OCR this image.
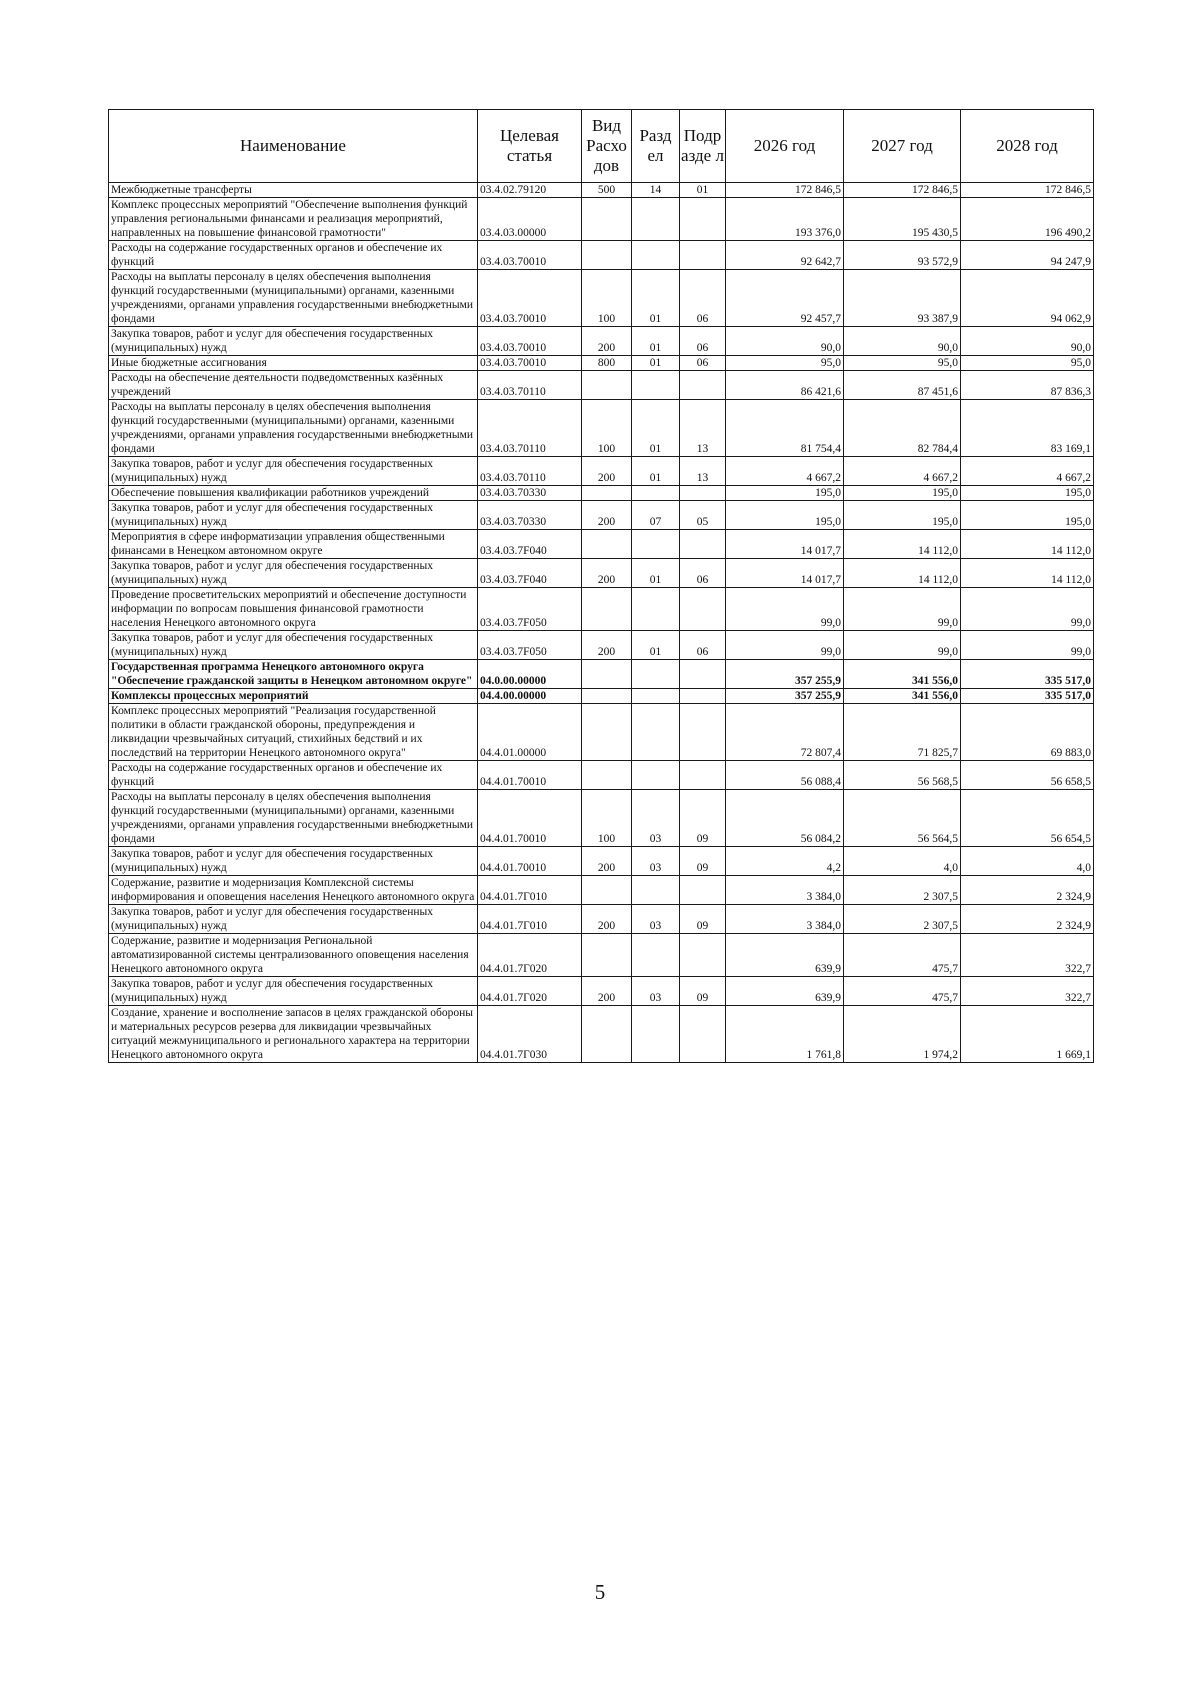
Наименование	Целевая статья	Вид Расхо дов	Разд ел	Подр азде л	2026 год	2027 год	2028 год
Межбюджетные трансферты	03.4.02.79120	500	14	01	172 846,5	172 846,5	172 846,5
Комплекс процессных мероприятий "Обеспечение выполнения функций управления региональными финансами и реализация мероприятий, направленных на повышение финансовой грамотности"	03.4.03.00000				193 376,0	195 430,5	196 490,2
Расходы на содержание государственных органов и обеспечение их функций	03.4.03.70010				92 642,7	93 572,9	94 247,9
Расходы на выплаты персоналу в целях обеспечения выполнения функций государственными (муниципальными) органами, казенными учреждениями, органами управления государственными внебюджетными фондами	03.4.03.70010	100	01	06	92 457,7	93 387,9	94 062,9
Закупка товаров, работ и услуг для обеспечения государственных (муниципальных) нужд	03.4.03.70010	200	01	06	90,0	90,0	90,0
Иные бюджетные ассигнования	03.4.03.70010	800	01	06	95,0	95,0	95,0
Расходы на обеспечение деятельности подведомственных казённых учреждений	03.4.03.70110				86 421,6	87 451,6	87 836,3
Расходы на выплаты персоналу в целях обеспечения выполнения функций государственными (муниципальными) органами, казенными учреждениями, органами управления государственными внебюджетными фондами	03.4.03.70110	100	01	13	81 754,4	82 784,4	83 169,1
Закупка товаров, работ и услуг для обеспечения государственных (муниципальных) нужд	03.4.03.70110	200	01	13	4 667,2	4 667,2	4 667,2
Обеспечение повышения квалификации работников учреждений	03.4.03.70330				195,0	195,0	195,0
Закупка товаров, работ и услуг для обеспечения государственных (муниципальных) нужд	03.4.03.70330	200	07	05	195,0	195,0	195,0
Мероприятия в сфере информатизации управления общественными финансами в Ненецком автономном округе	03.4.03.7F040				14 017,7	14 112,0	14 112,0
Закупка товаров, работ и услуг для обеспечения государственных (муниципальных) нужд	03.4.03.7F040	200	01	06	14 017,7	14 112,0	14 112,0
Проведение просветительских мероприятий и обеспечение доступности информации по вопросам повышения финансовой грамотности населения Ненецкого автономного округа	03.4.03.7F050				99,0	99,0	99,0
Закупка товаров, работ и услуг для обеспечения государственных (муниципальных) нужд	03.4.03.7F050	200	01	06	99,0	99,0	99,0
Государственная программа Ненецкого автономного округа "Обеспечение гражданской защиты в Ненецком автономном округе"	04.0.00.00000				357 255,9	341 556,0	335 517,0
Комплексы процессных мероприятий	04.4.00.00000				357 255,9	341 556,0	335 517,0
Комплекс процессных мероприятий "Реализация государственной политики в области гражданской обороны, предупреждения и ликвидации чрезвычайных ситуаций, стихийных бедствий и их последствий на территории Ненецкого автономного округа"	04.4.01.00000				72 807,4	71 825,7	69 883,0
Расходы на содержание государственных органов и обеспечение их функций	04.4.01.70010				56 088,4	56 568,5	56 658,5
Расходы на выплаты персоналу в целях обеспечения выполнения функций государственными (муниципальными) органами, казенными учреждениями, органами управления государственными внебюджетными фондами	04.4.01.70010	100	03	09	56 084,2	56 564,5	56 654,5
Закупка товаров, работ и услуг для обеспечения государственных (муниципальных) нужд	04.4.01.70010	200	03	09	4,2	4,0	4,0
Содержание, развитие и модернизация Комплексной системы информирования и оповещения населения Ненецкого автономного округа	04.4.01.7Г010				3 384,0	2 307,5	2 324,9
Закупка товаров, работ и услуг для обеспечения государственных (муниципальных) нужд	04.4.01.7Г010	200	03	09	3 384,0	2 307,5	2 324,9
Содержание, развитие и модернизация Региональной автоматизированной системы централизованного оповещения населения Ненецкого автономного округа	04.4.01.7Г020				639,9	475,7	322,7
Закупка товаров, работ и услуг для обеспечения государственных (муниципальных) нужд	04.4.01.7Г020	200	03	09	639,9	475,7	322,7
Создание, хранение и восполнение запасов в целях гражданской обороны и материальных ресурсов резерва для ликвидации чрезвычайных ситуаций межмуниципального и регионального характера на территории Ненецкого автономного округа	04.4.01.7Г030				1 761,8	1 974,2	1 669,1
5
